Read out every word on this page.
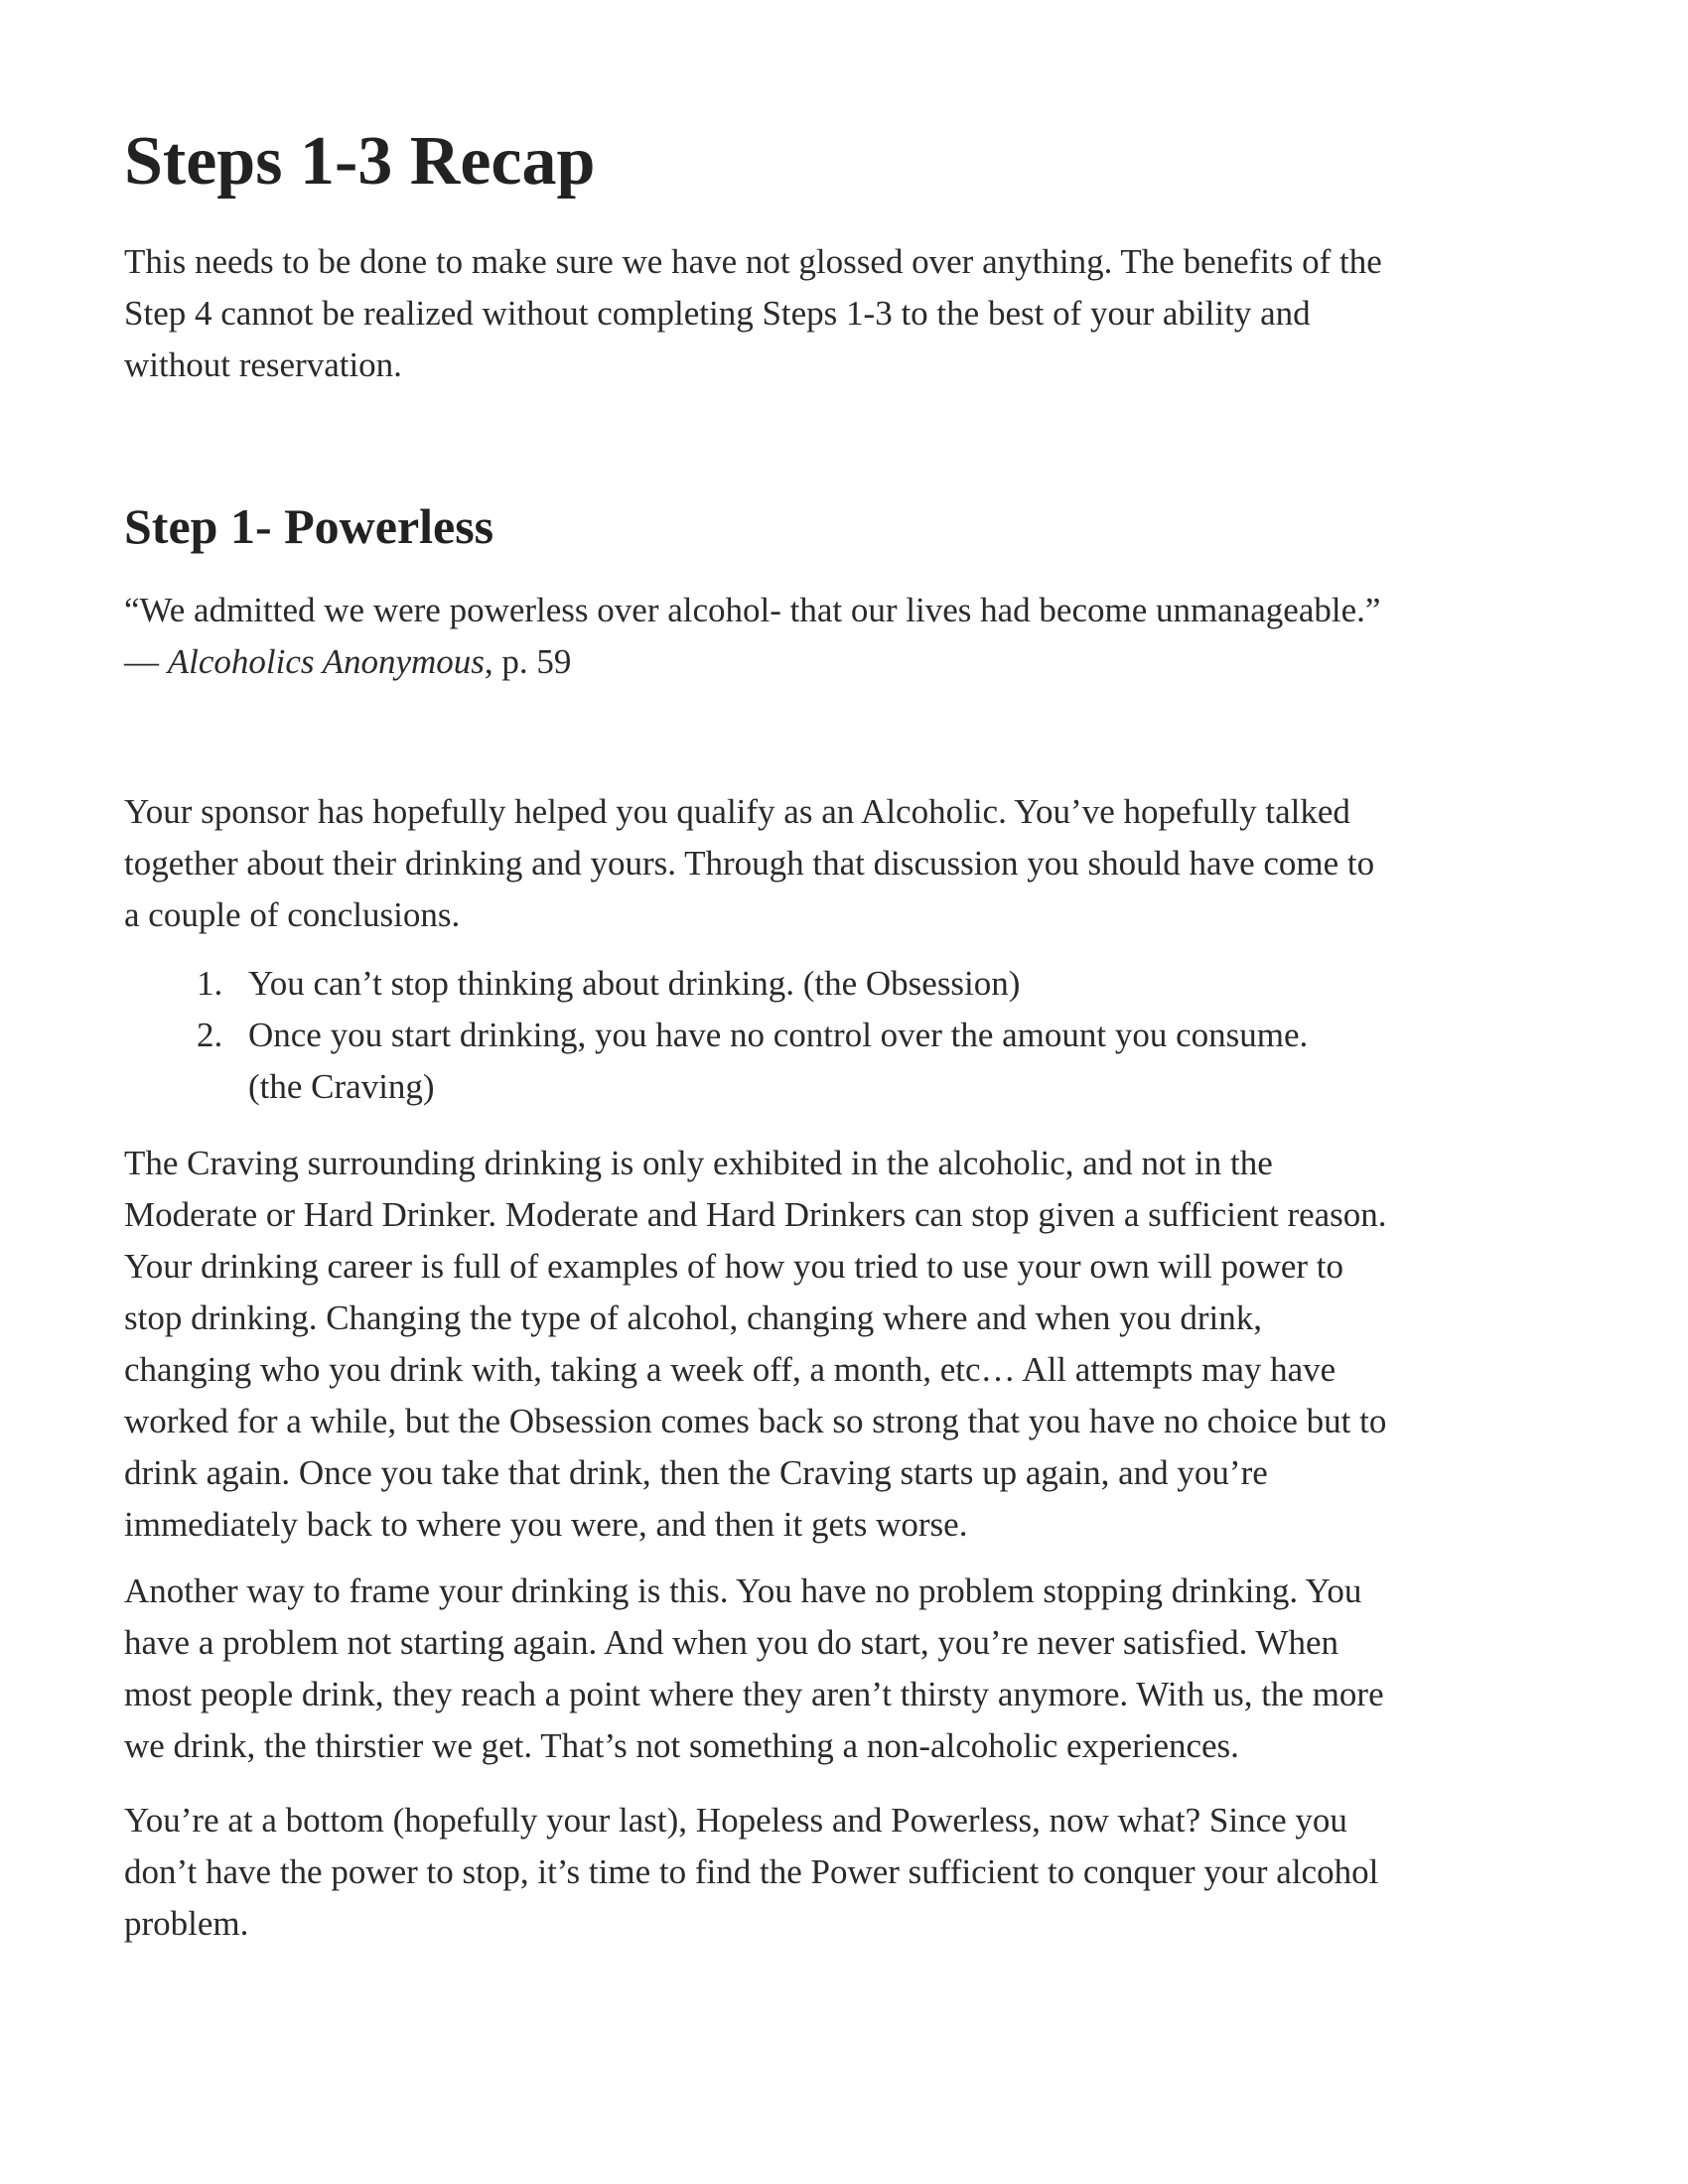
Steps 1-3 Recap
This needs to be done to make sure we have not glossed over anything. The benefits of the
Step 4 cannot be realized without completing Steps 1-3 to the best of your ability and
without reservation.
Step 1- Powerless
“We admitted we were powerless over alcohol- that our lives had become unmanageable.”
— Alcoholics Anonymous, p. 59
Your sponsor has hopefully helped you qualify as an Alcoholic. You’ve hopefully talked
together about their drinking and yours. Through that discussion you should have come to
a couple of conclusions.
1. You can’t stop thinking about drinking. (the Obsession)
2. Once you start drinking, you have no control over the amount you consume.
(the Craving)
The Craving surrounding drinking is only exhibited in the alcoholic, and not in the
Moderate or Hard Drinker. Moderate and Hard Drinkers can stop given a sufficient reason.
Your drinking career is full of examples of how you tried to use your own will power to
stop drinking. Changing the type of alcohol, changing where and when you drink,
changing who you drink with, taking a week off, a month, etc… All attempts may have
worked for a while, but the Obsession comes back so strong that you have no choice but to
drink again. Once you take that drink, then the Craving starts up again, and you’re
immediately back to where you were, and then it gets worse.
Another way to frame your drinking is this. You have no problem stopping drinking. You
have a problem not starting again. And when you do start, you’re never satisfied. When
most people drink, they reach a point where they aren’t thirsty anymore. With us, the more
we drink, the thirstier we get. That’s not something a non-alcoholic experiences.
You’re at a bottom (hopefully your last), Hopeless and Powerless, now what? Since you
don’t have the power to stop, it’s time to find the Power sufficient to conquer your alcohol
problem.
